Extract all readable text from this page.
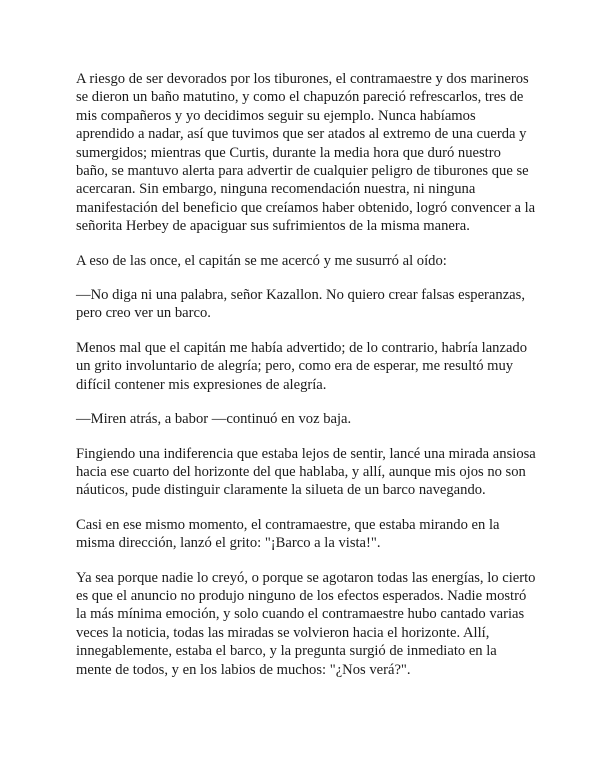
A riesgo de ser devorados por los tiburones, el contramaestre y dos marineros se dieron un baño matutino, y como el chapuzón pareció refrescarlos, tres de mis compañeros y yo decidimos seguir su ejemplo. Nunca habíamos aprendido a nadar, así que tuvimos que ser atados al extremo de una cuerda y sumergidos; mientras que Curtis, durante la media hora que duró nuestro baño, se mantuvo alerta para advertir de cualquier peligro de tiburones que se acercaran. Sin embargo, ninguna recomendación nuestra, ni ninguna manifestación del beneficio que creíamos haber obtenido, logró convencer a la señorita Herbey de apaciguar sus sufrimientos de la misma manera.

A eso de las once, el capitán se me acercó y me susurró al oído:

—No diga ni una palabra, señor Kazallon. No quiero crear falsas esperanzas, pero creo ver un barco.

Menos mal que el capitán me había advertido; de lo contrario, habría lanzado un grito involuntario de alegría; pero, como era de esperar, me resultó muy difícil contener mis expresiones de alegría.

—Miren atrás, a babor —continuó en voz baja.

Fingiendo una indiferencia que estaba lejos de sentir, lancé una mirada ansiosa hacia ese cuarto del horizonte del que hablaba, y allí, aunque mis ojos no son náuticos, pude distinguir claramente la silueta de un barco navegando.

Casi en ese mismo momento, el contramaestre, que estaba mirando en la misma dirección, lanzó el grito: "¡Barco a la vista!".

Ya sea porque nadie lo creyó, o porque se agotaron todas las energías, lo cierto es que el anuncio no produjo ninguno de los efectos esperados. Nadie mostró la más mínima emoción, y solo cuando el contramaestre hubo cantado varias veces la noticia, todas las miradas se volvieron hacia el horizonte. Allí, innegablemente, estaba el barco, y la pregunta surgió de inmediato en la mente de todos, y en los labios de muchos: "¿Nos verá?".
